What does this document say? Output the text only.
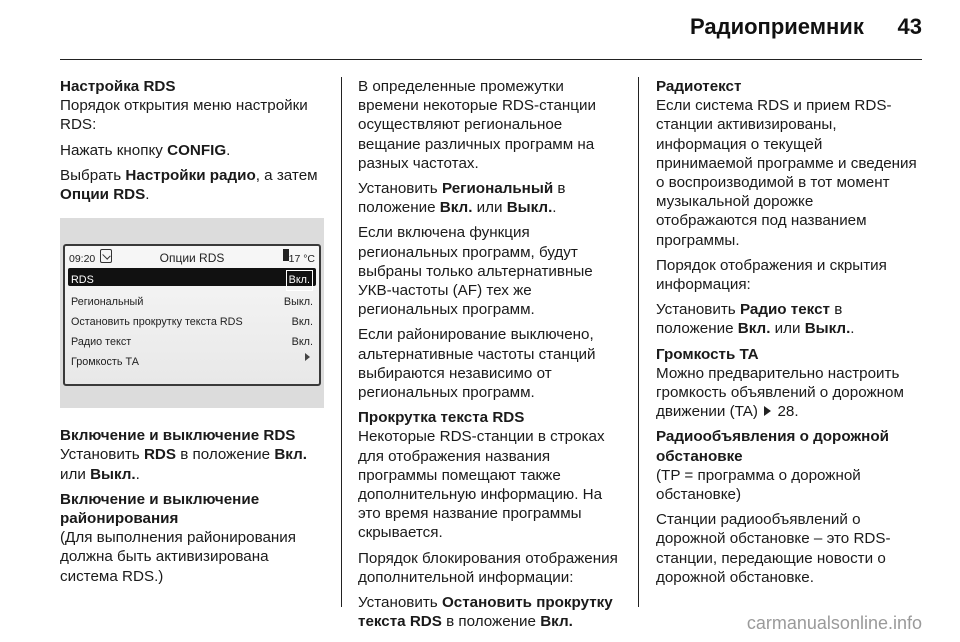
Радиоприемник 43
Настройка RDS

Порядок открытия меню настройки RDS:

Нажать кнопку CONFIG.

Выбрать Настройки радио, а затем Опции RDS.

09:20	Опции RDS	17 °C
RDS	Вкл.
Региональный	Выкл.
Остановить прокрутку текста RDS	Вкл.
Радио текст	Вкл.
Громкость ТА
Включение и выключение RDS

Установить RDS в положение Вкл. или Выкл..

Включение и выключение районирования

(Для выполнения районирования должна быть активизирована система RDS.)

В определенные промежутки времени некоторые RDS-станции осуществляют региональное вещание различных программ на разных частотах.

Установить Региональный в положение Вкл. или Выкл..

Если включена функция региональных программ, будут выбраны только альтернативные УКВ-частоты (AF) тех же региональных программ.

Если районирование выключено, альтернативные частоты станций выбираются независимо от региональных программ.

Прокрутка текста RDS

Некоторые RDS-станции в строках для отображения названия программы помещают также дополнительную информацию. На это время название программы скрывается.

Порядок блокирования отображения дополнительной информации:

Установить Остановить прокрутку текста RDS в положение Вкл.

Радиотекст

Если система RDS и прием RDS-станции активизированы, информация о текущей принимаемой программе и сведения о воспроизводимой в тот момент музыкальной дорожке отображаются под названием программы.

Порядок отображения и скрытия информация:

Установить Радио текст в положение Вкл. или Выкл..

Громкость TA

Можно предварительно настроить громкость объявлений о дорожном движении (TA)  28.

Радиообъявления о дорожной обстановке

(TP = программа о дорожной обстановке)

Станции радиообъявлений о дорожной обстановке – это RDS-станции, передающие новости о дорожной обстановке.

carmanualsonline.info
